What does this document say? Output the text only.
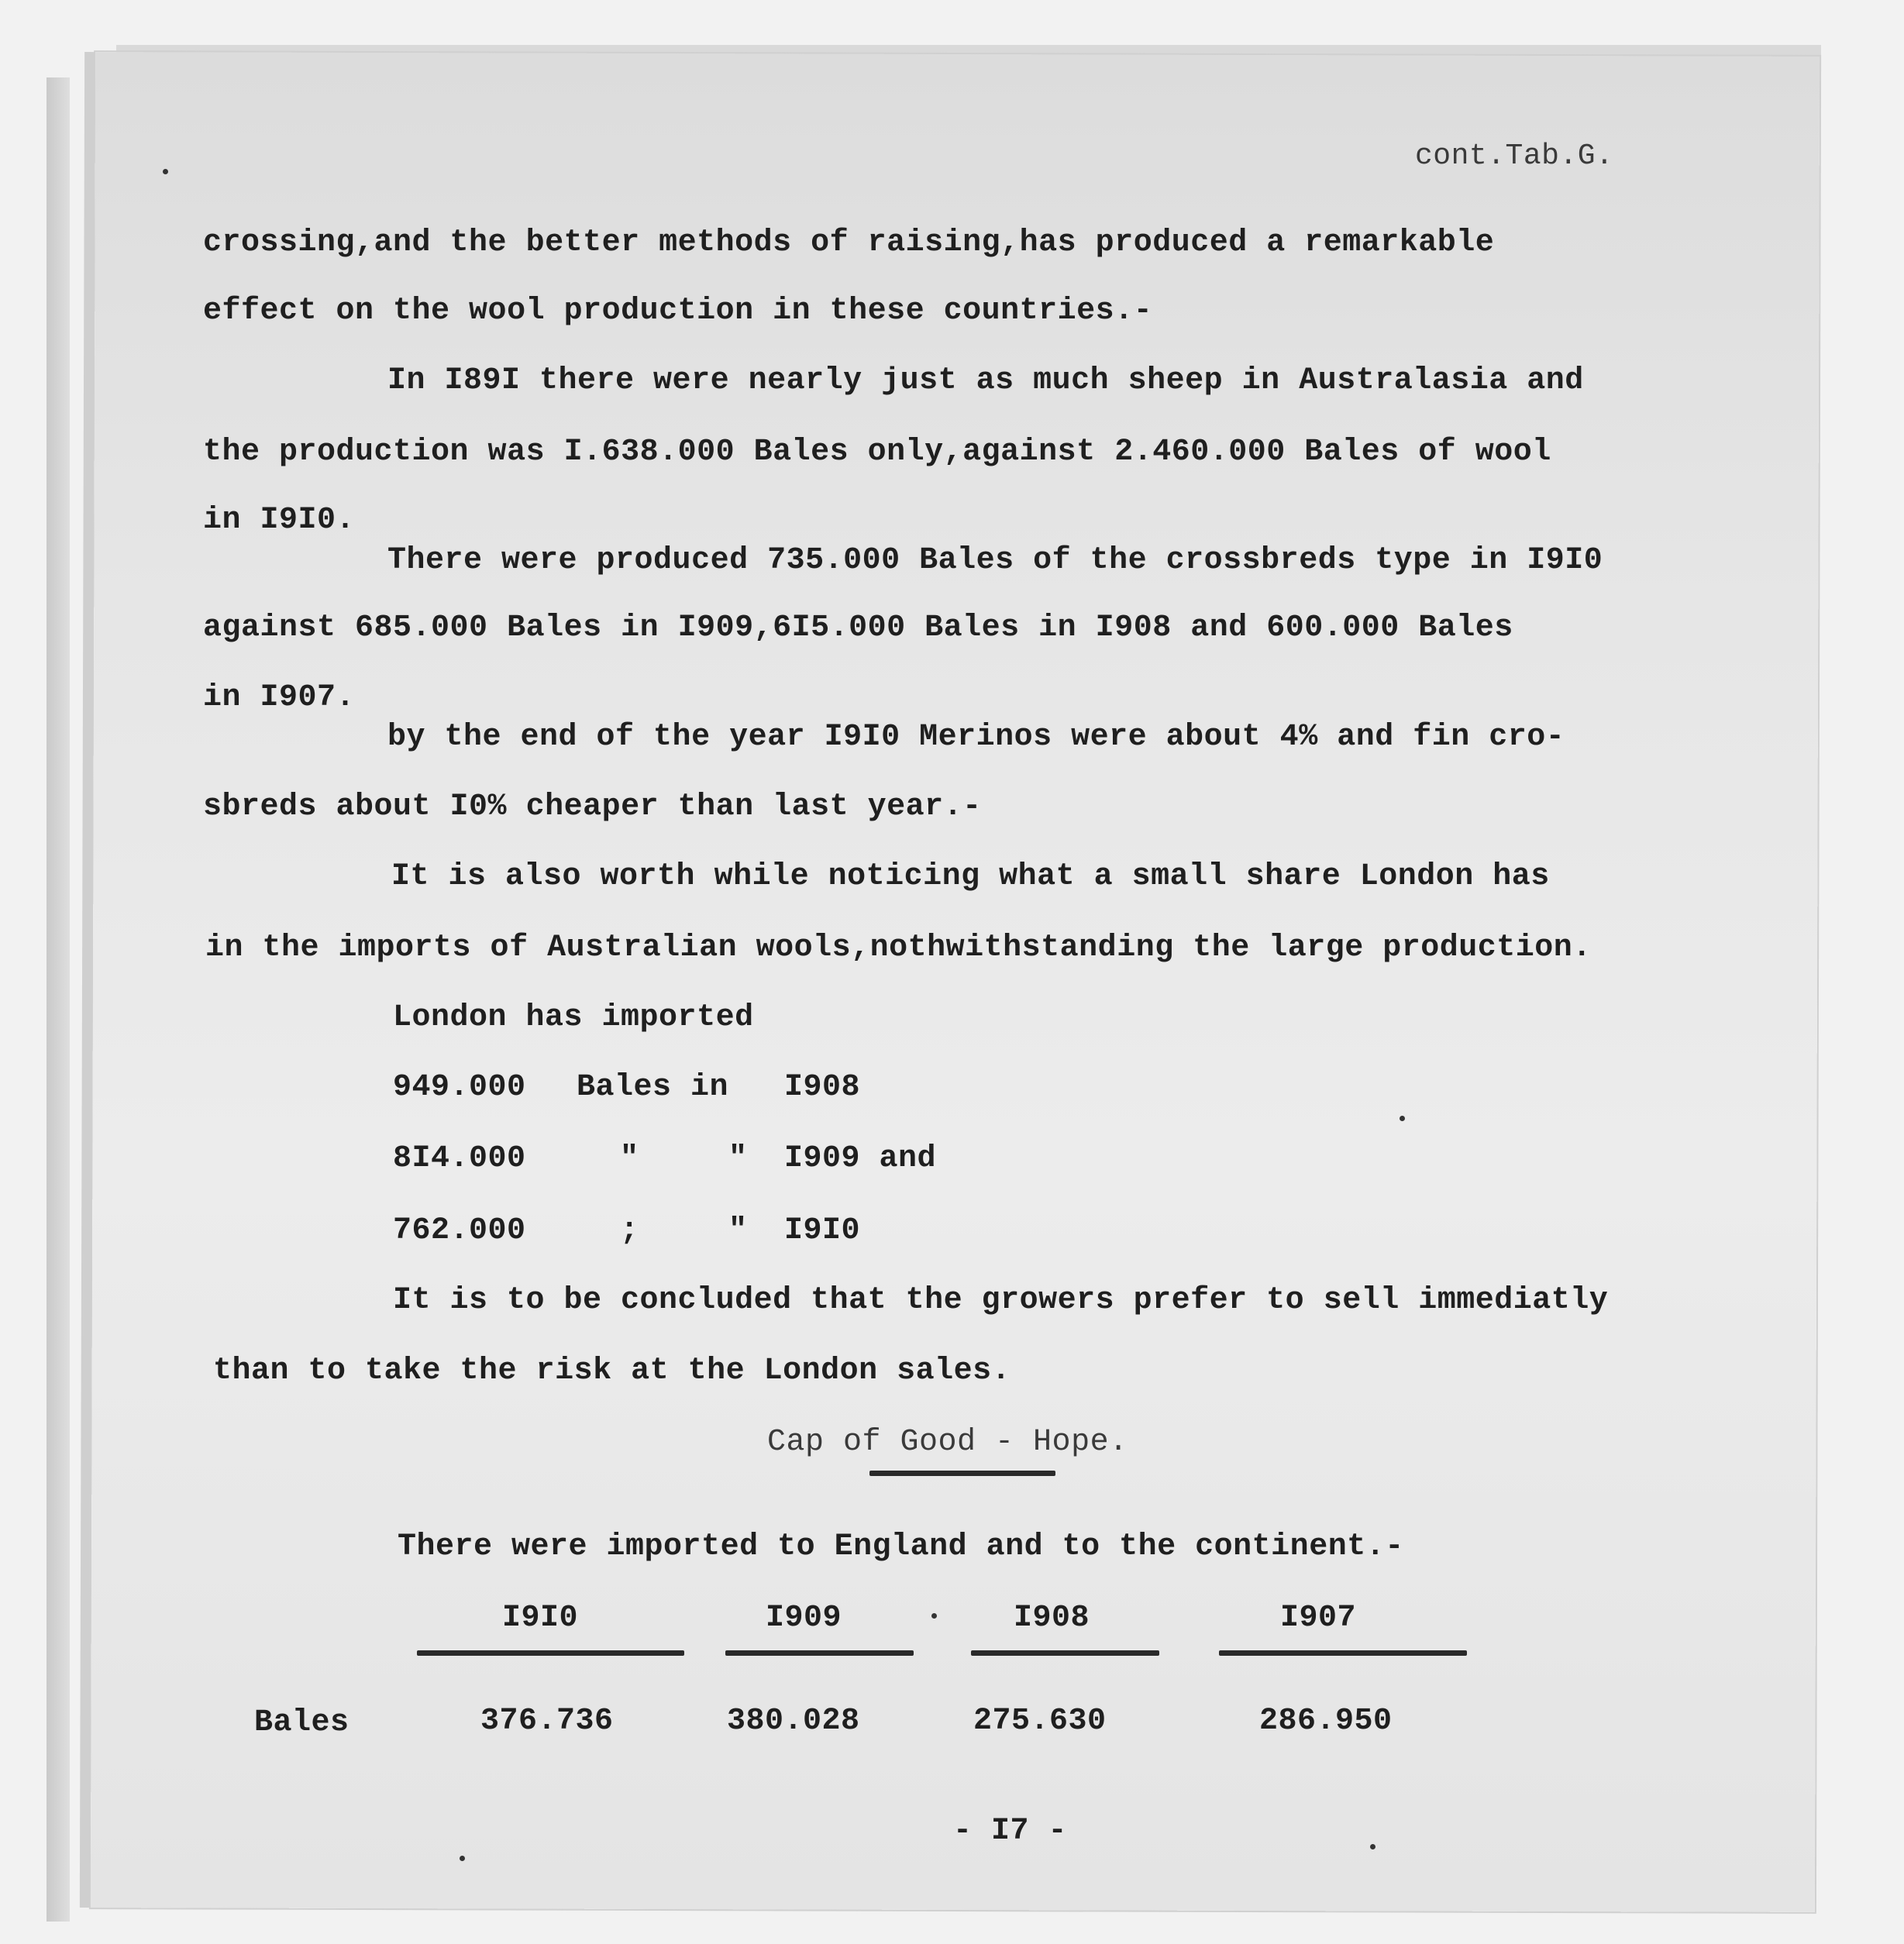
cont.Tab.G.
crossing,and the better methods of raising,has produced a remarkable
effect on the wool production in these countries.-
In I89I there were nearly just as much sheep in Australasia and
the production was I.638.000 Bales only,against 2.460.000 Bales of wool
in I9I0.
There were produced 735.000 Bales of the crossbreds type in I9I0
against 685.000 Bales in I909,6I5.000 Bales in I908 and 600.000 Bales
in I907.
by the end of the year I9I0 Merinos were about 4% and fin cro-
sbreds about I0% cheaper than last year.-
It is also worth while noticing what a small share London has
in the imports of Australian wools,nothwithstanding the large production.
London has imported
949.000 Bales in I908
8I4.000	"	" I909 and
762.000	;	" I9I0
It is to be concluded that the growers prefer to sell immediatly
than to take the risk at the London sales.
Cap of Good - Hope.
There were imported to England and to the continent.-
I9I0	I909	I908	I907
Bales	376.736	380.028	275.630	286.950
- I7 -
